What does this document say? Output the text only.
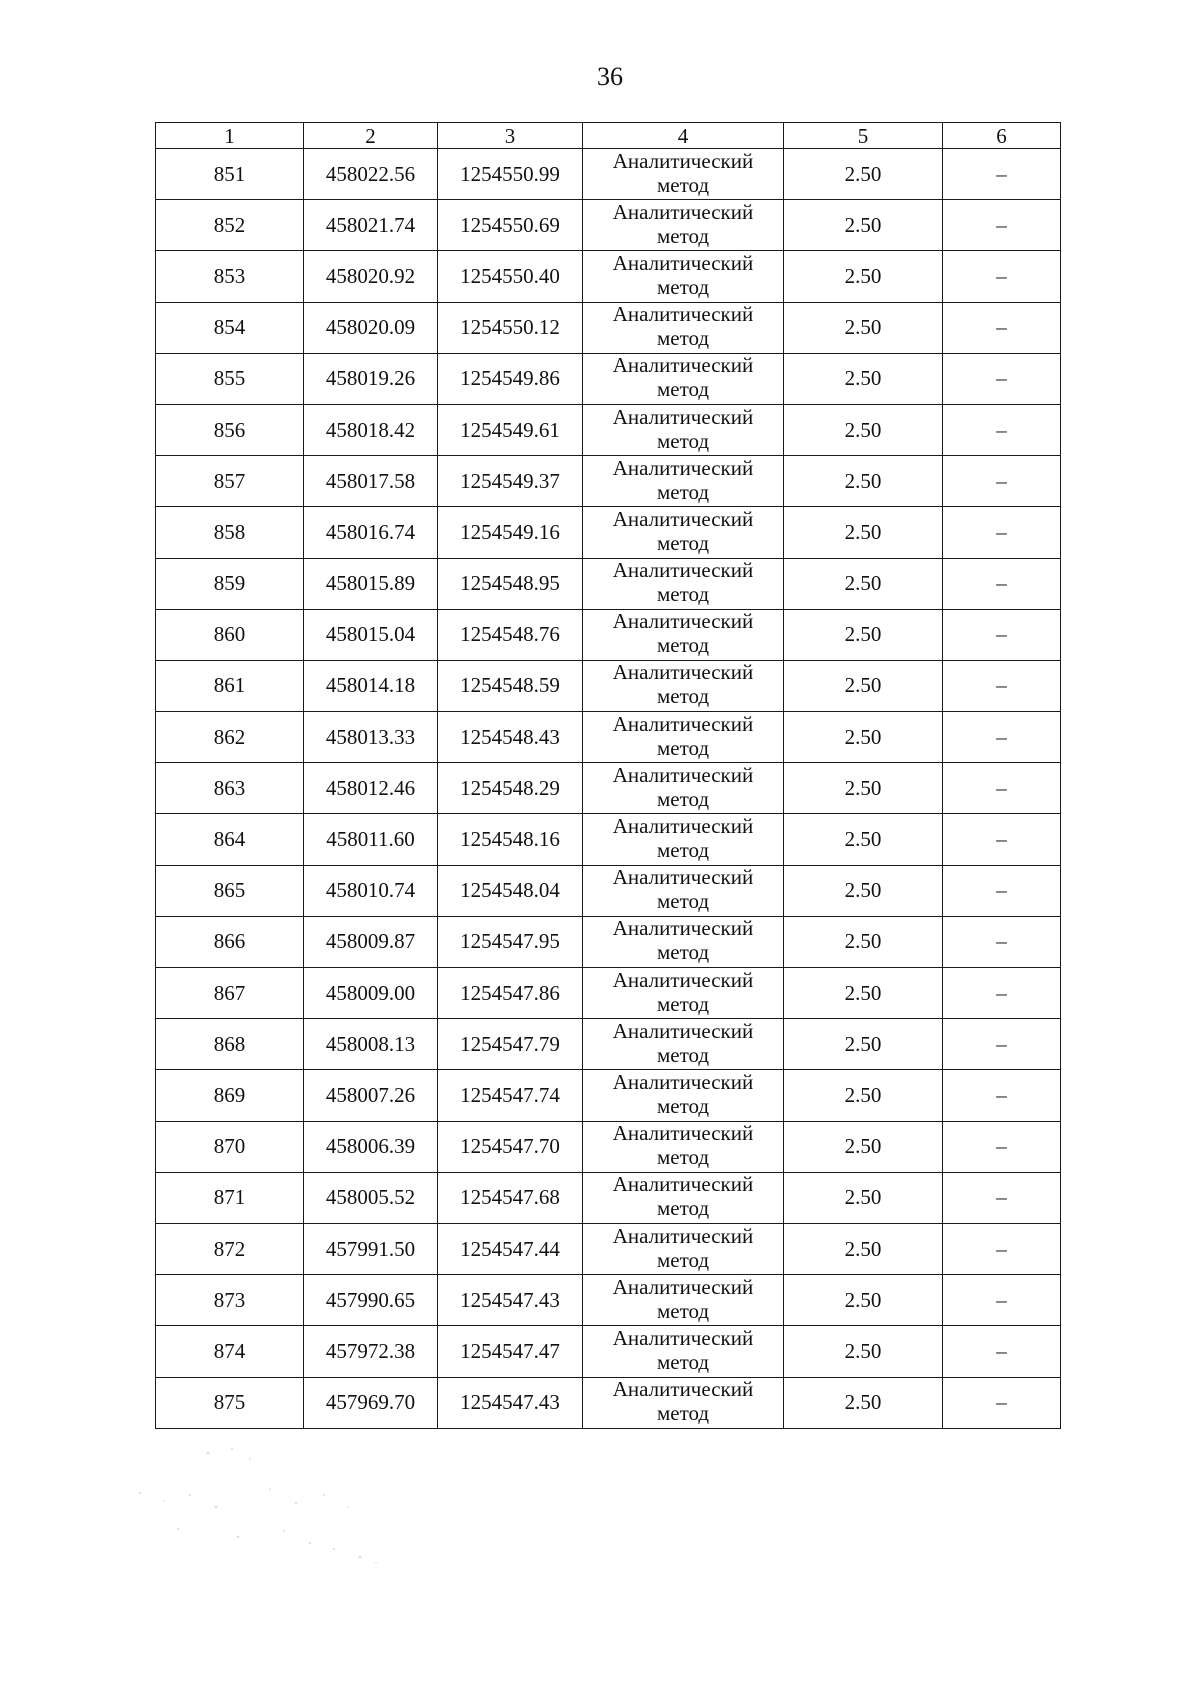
36
1	2	3	4	5	6
851	458022.56	1254550.99	Аналитический метод	2.50	–
852	458021.74	1254550.69	Аналитический метод	2.50	–
853	458020.92	1254550.40	Аналитический метод	2.50	–
854	458020.09	1254550.12	Аналитический метод	2.50	–
855	458019.26	1254549.86	Аналитический метод	2.50	–
856	458018.42	1254549.61	Аналитический метод	2.50	–
857	458017.58	1254549.37	Аналитический метод	2.50	–
858	458016.74	1254549.16	Аналитический метод	2.50	–
859	458015.89	1254548.95	Аналитический метод	2.50	–
860	458015.04	1254548.76	Аналитический метод	2.50	–
861	458014.18	1254548.59	Аналитический метод	2.50	–
862	458013.33	1254548.43	Аналитический метод	2.50	–
863	458012.46	1254548.29	Аналитический метод	2.50	–
864	458011.60	1254548.16	Аналитический метод	2.50	–
865	458010.74	1254548.04	Аналитический метод	2.50	–
866	458009.87	1254547.95	Аналитический метод	2.50	–
867	458009.00	1254547.86	Аналитический метод	2.50	–
868	458008.13	1254547.79	Аналитический метод	2.50	–
869	458007.26	1254547.74	Аналитический метод	2.50	–
870	458006.39	1254547.70	Аналитический метод	2.50	–
871	458005.52	1254547.68	Аналитический метод	2.50	–
872	457991.50	1254547.44	Аналитический метод	2.50	–
873	457990.65	1254547.43	Аналитический метод	2.50	–
874	457972.38	1254547.47	Аналитический метод	2.50	–
875	457969.70	1254547.43	Аналитический метод	2.50	–
